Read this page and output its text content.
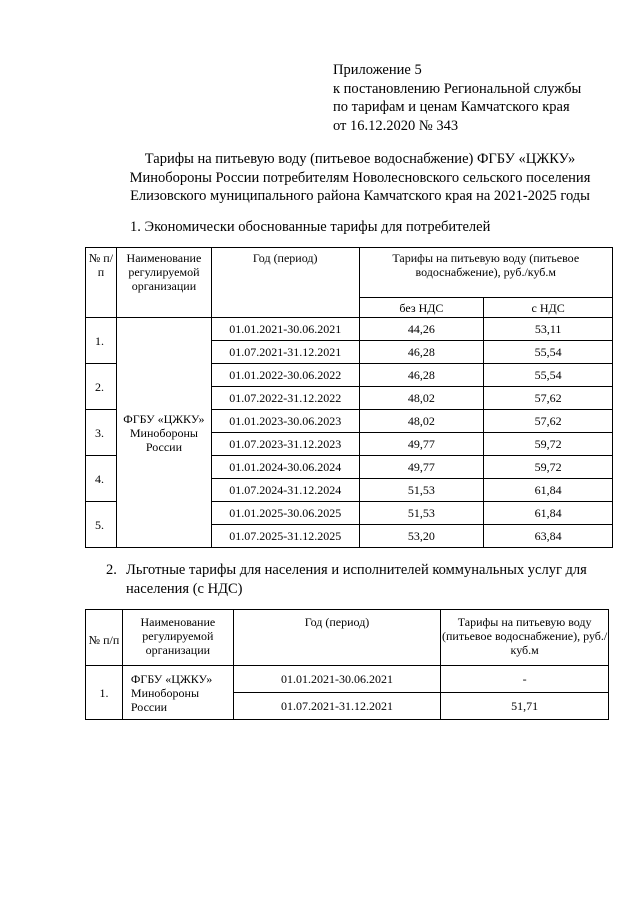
Приложение 5
к постановлению Региональной службы
по тарифам и ценам Камчатского края
от 16.12.2020 № 343
Тарифы на питьевую воду (питьевое водоснабжение) ФГБУ «ЦЖКУ»
Минобороны России потребителям Новолесновского сельского поселения
Елизовского муниципального района Камчатского края на 2021-2025 годы
1. Экономически обоснованные тарифы для потребителей
№ п/п	Наименование регулируемой организации	Год (период)	Тарифы на питьевую воду (питьевое водоснабжение), руб./куб.м	
			без НДС	с НДС
1.	ФГБУ «ЦЖКУ» Минобороны России	01.01.2021-30.06.2021	44,26	53,11
		01.07.2021-31.12.2021	46,28	55,54
2.		01.01.2022-30.06.2022	46,28	55,54
		01.07.2022-31.12.2022	48,02	57,62
3.		01.01.2023-30.06.2023	48,02	57,62
		01.07.2023-31.12.2023	49,77	59,72
4.		01.01.2024-30.06.2024	49,77	59,72
		01.07.2024-31.12.2024	51,53	61,84
5.		01.01.2025-30.06.2025	51,53	61,84
		01.07.2025-31.12.2025	53,20	63,84
2. Льготные тарифы для населения и исполнителей коммунальных услуг для
населения (с НДС)
№ п/п	Наименование регулируемой организации	Год (период)	Тарифы на питьевую воду (питьевое водоснабжение), руб./куб.м
1.	ФГБУ «ЦЖКУ» Минобороны России	01.01.2021-30.06.2021	-
		01.07.2021-31.12.2021	51,71
